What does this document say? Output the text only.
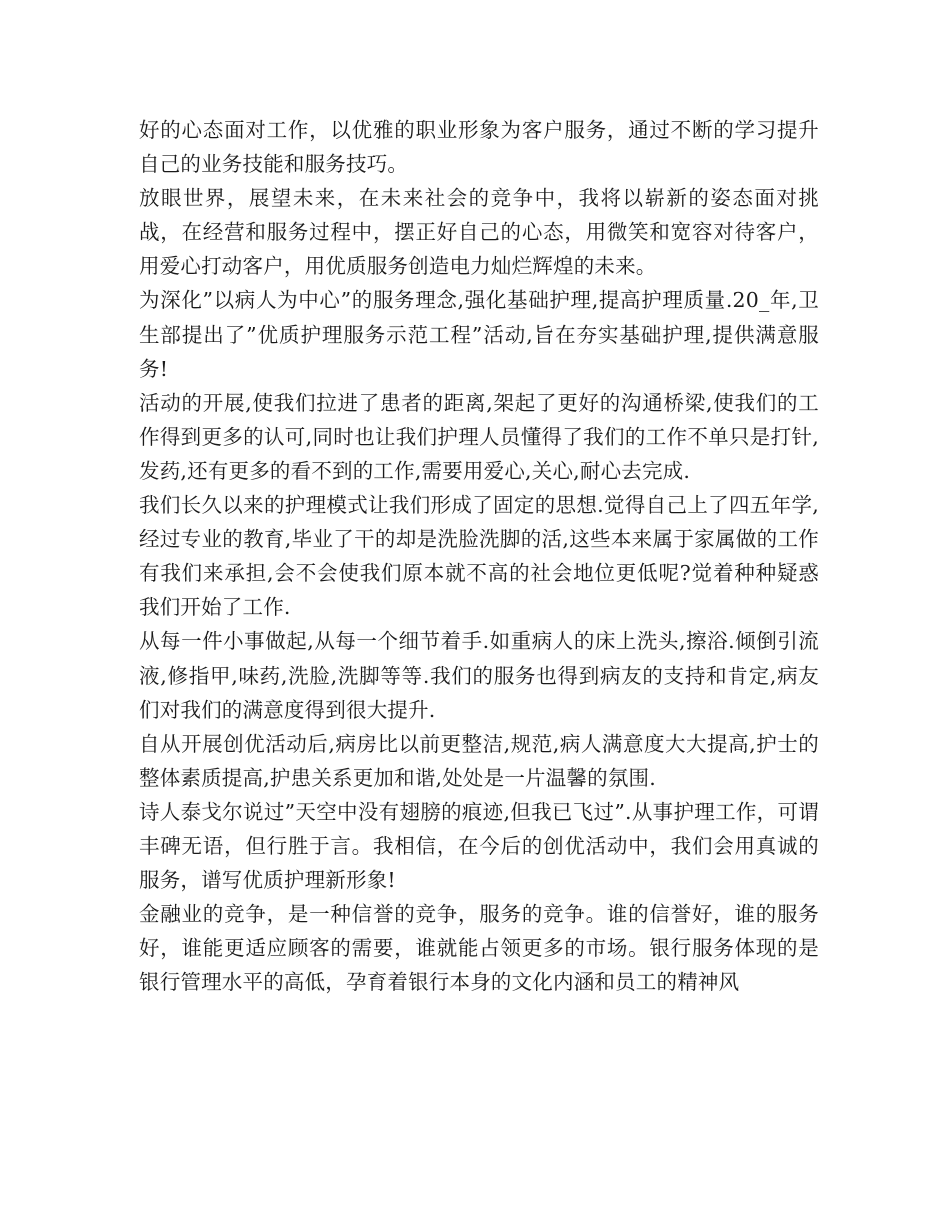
好的心态面对工作，以优雅的职业形象为客户服务，通过不断的学习提升自己的业务技能和服务技巧。

放眼世界，展望未来，在未来社会的竞争中，我将以崭新的姿态面对挑战，在经营和服务过程中，摆正好自己的心态，用微笑和宽容对待客户，用爱心打动客户，用优质服务创造电力灿烂辉煌的未来。

为深化”以病人为中心”的服务理念,强化基础护理,提高护理质量.20_年,卫生部提出了”优质护理服务示范工程”活动,旨在夯实基础护理,提供满意服务!

活动的开展,使我们拉进了患者的距离,架起了更好的沟通桥梁,使我们的工作得到更多的认可,同时也让我们护理人员懂得了我们的工作不单只是打针,发药,还有更多的看不到的工作,需要用爱心,关心,耐心去完成.

我们长久以来的护理模式让我们形成了固定的思想.觉得自己上了四五年学,经过专业的教育,毕业了干的却是洗脸洗脚的活,这些本来属于家属做的工作有我们来承担,会不会使我们原本就不高的社会地位更低呢?觉着种种疑惑我们开始了工作.

从每一件小事做起,从每一个细节着手.如重病人的床上洗头,擦浴.倾倒引流液,修指甲,味药,洗脸,洗脚等等.我们的服务也得到病友的支持和肯定,病友们对我们的满意度得到很大提升.

自从开展创优活动后,病房比以前更整洁,规范,病人满意度大大提高,护士的整体素质提高,护患关系更加和谐,处处是一片温馨的氛围.

诗人泰戈尔说过”天空中没有翅膀的痕迹,但我已飞过”.从事护理工作，可谓丰碑无语，但行胜于言。我相信，在今后的创优活动中，我们会用真诚的服务，谱写优质护理新形象!

金融业的竞争，是一种信誉的竞争，服务的竞争。谁的信誉好，谁的服务好，谁能更适应顾客的需要，谁就能占领更多的市场。银行服务体现的是银行管理水平的高低，孕育着银行本身的文化内涵和员工的精神风
